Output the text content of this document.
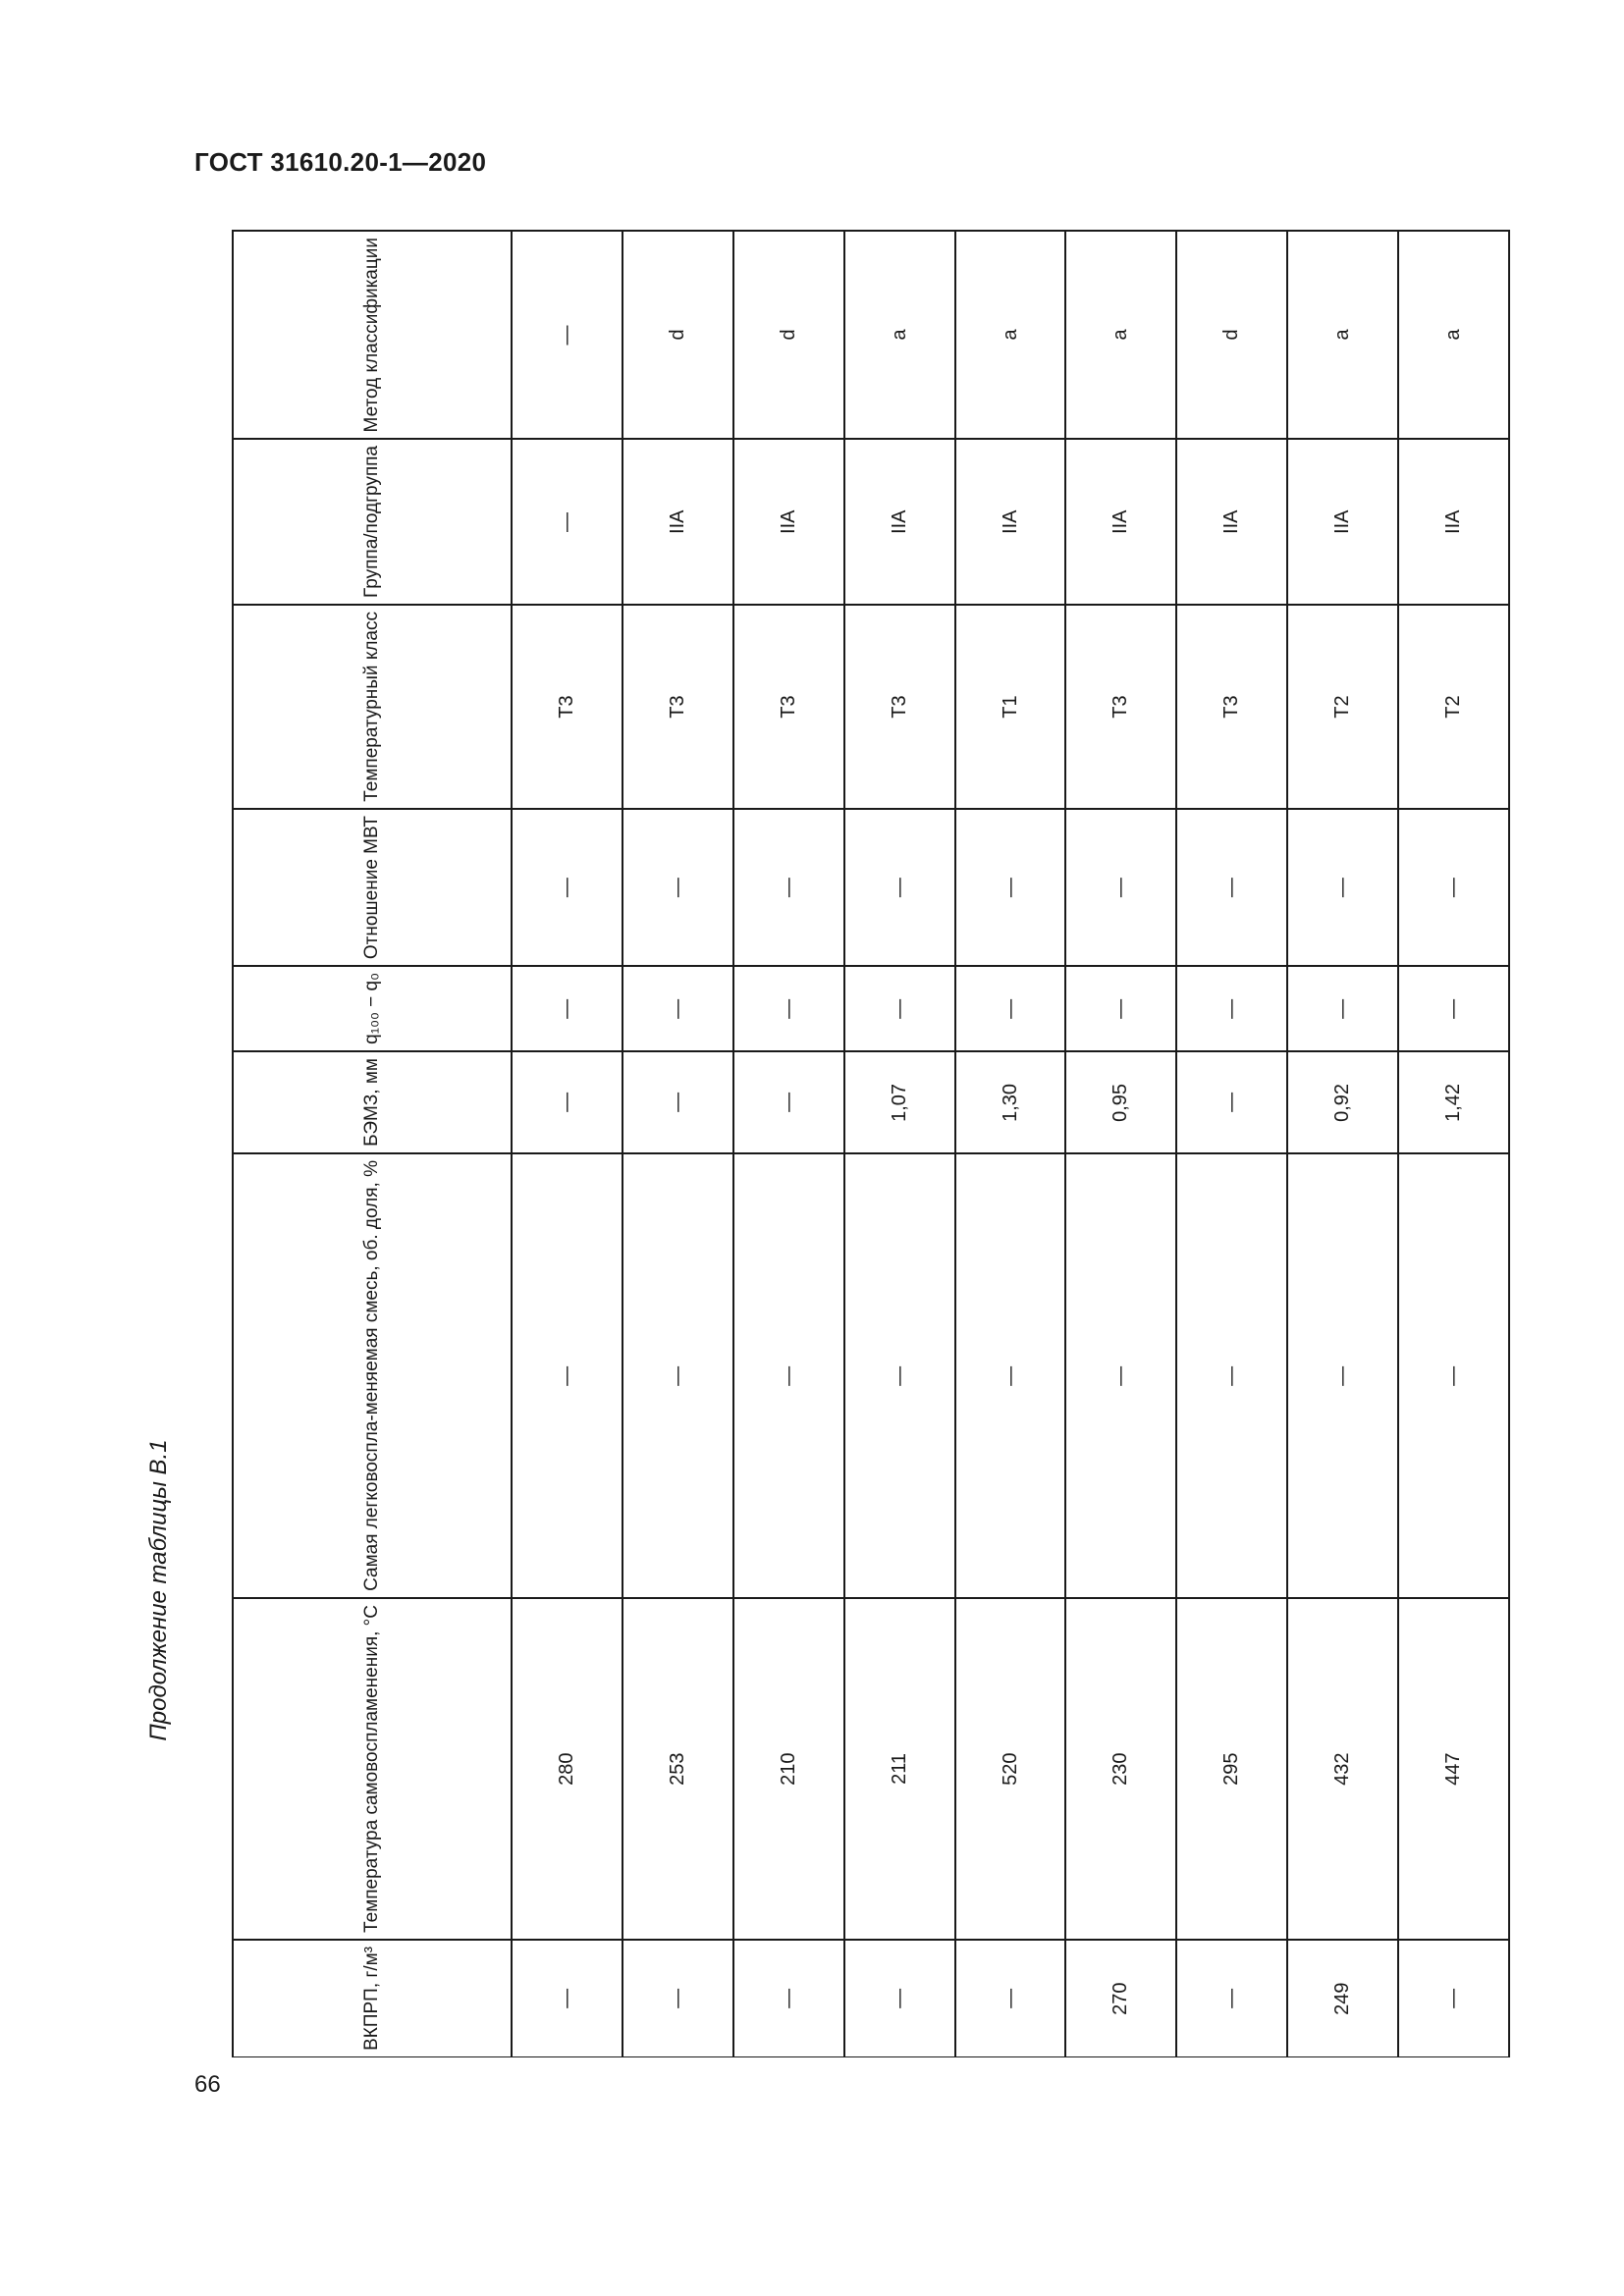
ГОСТ 31610.20-1—2020
Продолжение таблицы В.1
Метод классификации	—	d	d	a	a	a	d	a	a
Группа/подгруппа	—	IIA	IIA	IIA	IIA	IIA	IIA	IIA	IIA
Температурный класс	T3	T3	T3	T3	T1	T3	T3	T2	T2
Отношение МВТ	—	—	—	—	—	—	—	—	—
q₁₀₀ − q₀	—	—	—	—	—	—	—	—	—
БЭМЗ, мм	—	—	—	1,07	1,30	0,95	—	0,92	1,42
Самая легковоспла-меняемая смесь, об. доля, %	—	—	—	—	—	—	—	—	—
Температура самовоспламенения, °С	280	253	210	211	520	230	295	432	447
ВКПРП, г/м³	—	—	—	—	—	270	—	249	—

66
